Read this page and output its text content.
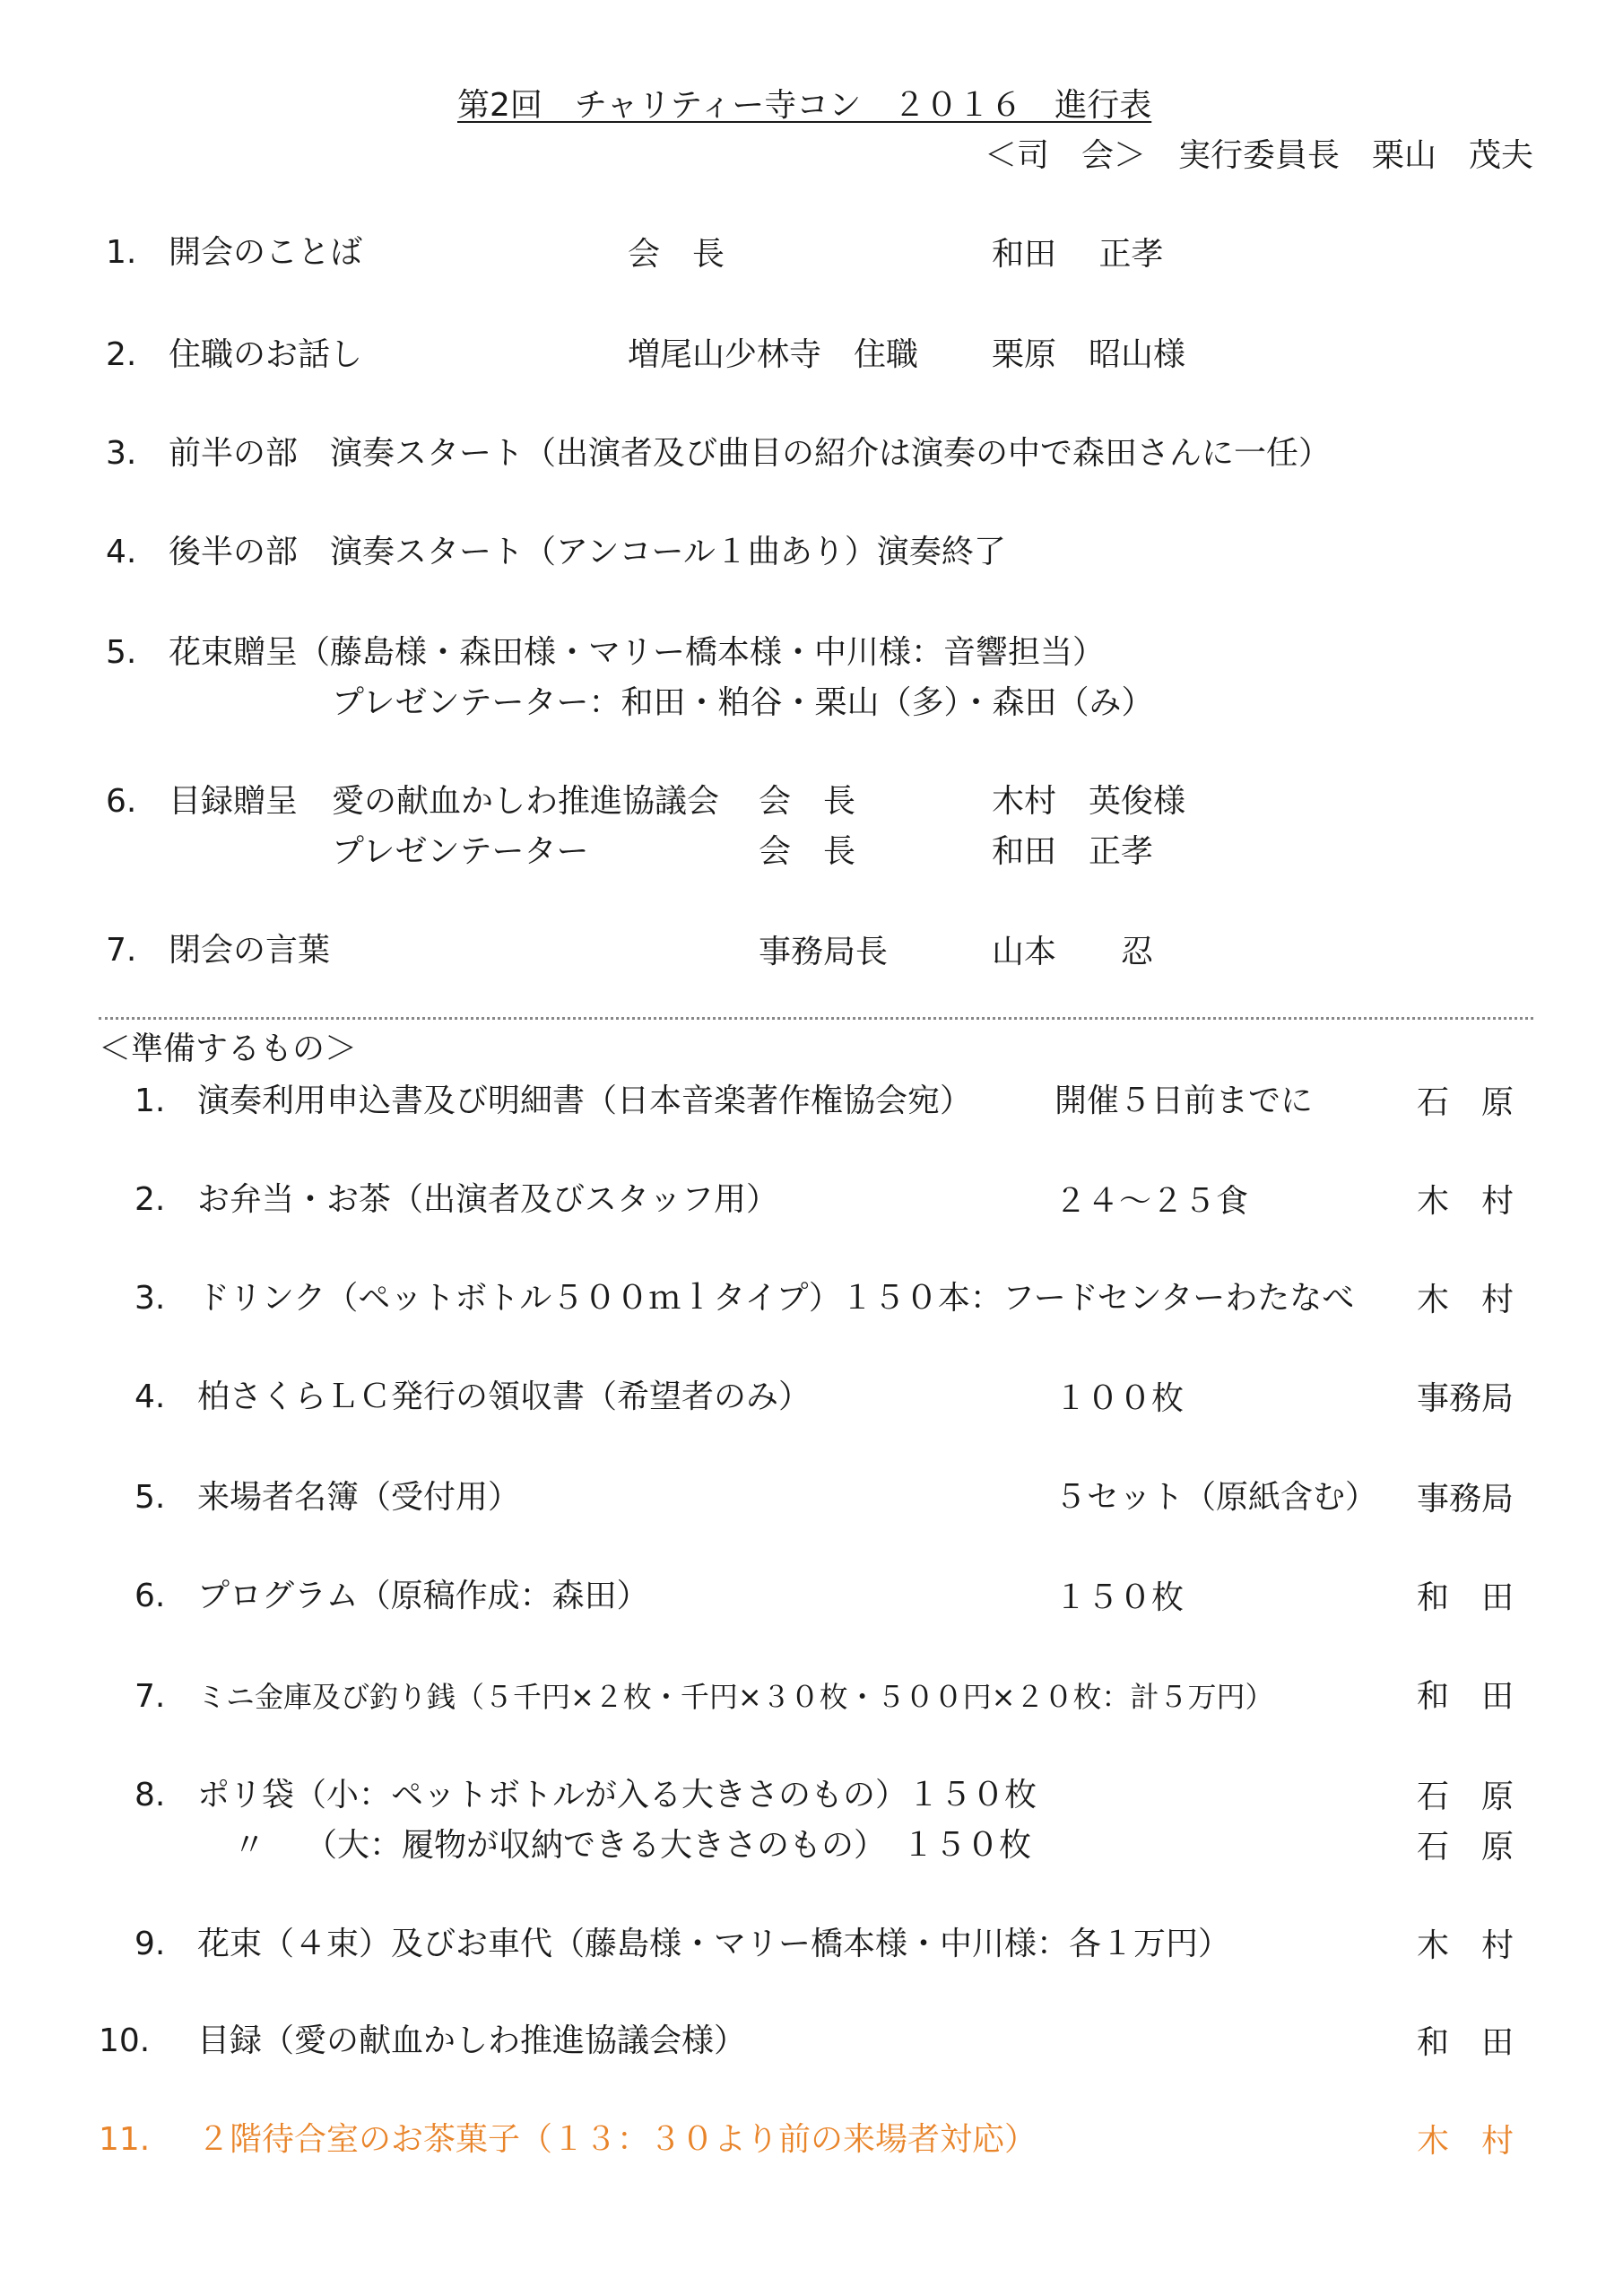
第2回　チャリティー寺コン　２０１６　進行表
＜司　会＞　実行委員長　栗山　茂夫
1. 開会のことば	会　長	和田　 正孝
2. 住職のお話し	増尾山少林寺　住職 栗原　昭山様
3. 前半の部　演奏スタート（出演者及び曲目の紹介は演奏の中で森田さんに一任）
4. 後半の部　演奏スタート（アンコール１曲あり）演奏終了
5. 花束贈呈（藤島様・森田様・マリー橋本様・中川様：音響担当）
プレゼンテーター：和田・粕谷・栗山（多）・森田（み）
6. 目録贈呈 愛の献血かしわ推進協議会 会　長	木村　英俊様
プレゼンテーター	会　長	和田　正孝
7. 閉会の言葉	事務局長	山本　　忍
＜準備するもの＞
1. 演奏利用申込書及び明細書（日本音楽著作権協会宛）	開催５日前までに	石　原
2. お弁当・お茶（出演者及びスタッフ用）	２４～２５食	木　村
3. ドリンク（ペットボトル５００ｍｌタイプ）１５０本：フードセンターわたなべ 木　村
4. 柏さくらＬＣ発行の領収書（希望者のみ）	１００枚	事務局
5. 来場者名簿（受付用）	５セット（原紙含む） 事務局
6. プログラム（原稿作成：森田）	１５０枚	和　田
7. ミニ金庫及び釣り銭（５千円×２枚・千円×３０枚・５００円×２０枚：計５万円）	和　田
8. ポリ袋（小：ペットボトルが入る大きさのもの）１５０枚	石　原
〃 （大：履物が収納できる大きさのもの）　１５０枚	石　原
9. 花束（４束）及びお車代（藤島様・マリー橋本様・中川様：各１万円）	木　村
10. 目録（愛の献血かしわ推進協議会様）	和　田
11. ２階待合室のお茶菓子（１３：３０より前の来場者対応）	木　村
